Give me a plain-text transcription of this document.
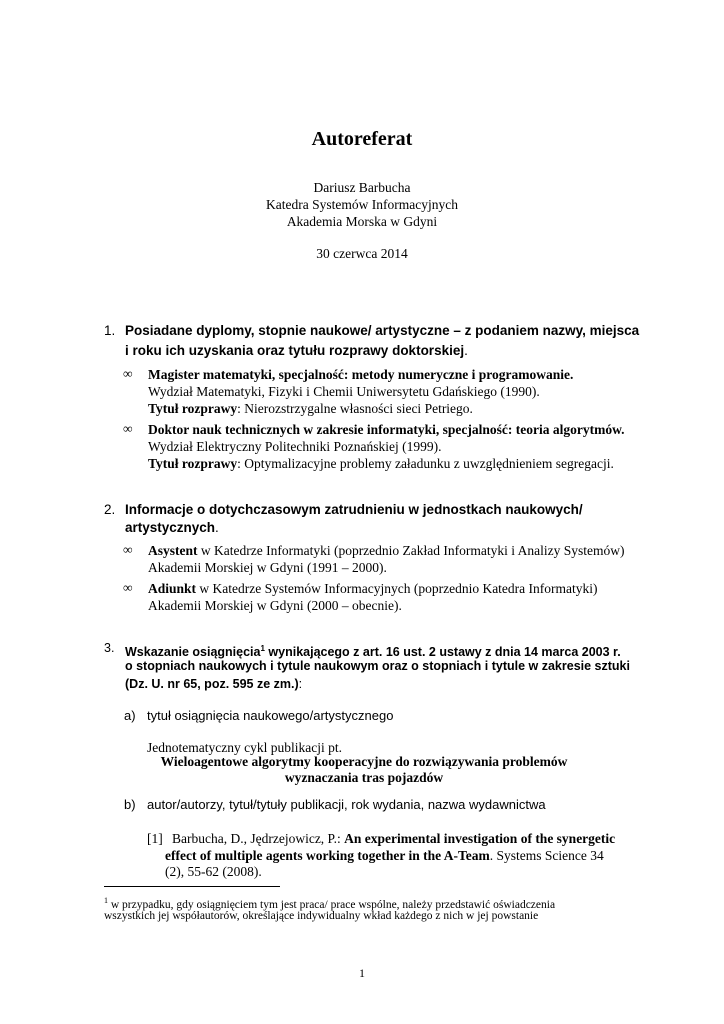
Autoreferat
Dariusz Barbucha
Katedra Systemów Informacyjnych
Akademia Morska w Gdyni
30 czerwca 2014
1. Posiadane dyplomy, stopnie naukowe/ artystyczne – z podaniem nazwy, miejsca
i roku ich uzyskania oraz tytułu rozprawy doktorskiej.
∞ Magister matematyki, specjalność: metody numeryczne i programowanie.
Wydział Matematyki, Fizyki i Chemii Uniwersytetu Gdańskiego (1990).
Tytuł rozprawy: Nierozstrzygalne własności sieci Petriego.
∞ Doktor nauk technicznych w zakresie informatyki, specjalność: teoria algorytmów.
Wydział Elektryczny Politechniki Poznańskiej (1999).
Tytuł rozprawy: Optymalizacyjne problemy załadunku z uwzględnieniem segregacji.
2. Informacje o dotychczasowym zatrudnieniu w jednostkach naukowych/
artystycznych.
∞ Asystent w Katedrze Informatyki (poprzednio Zakład Informatyki i Analizy Systemów)
Akademii Morskiej w Gdyni (1991 – 2000).
∞ Adiunkt w Katedrze Systemów Informacyjnych (poprzednio Katedra Informatyki)
Akademii Morskiej w Gdyni (2000 – obecnie).
3. Wskazanie osiągnięcia$^1$ wynikającego z art. 16 ust. 2 ustawy z dnia 14 marca 2003 r.
o stopniach naukowych i tytule naukowym oraz o stopniach i tytule w zakresie sztuki
(Dz. U. nr 65, poz. 595 ze zm.):
a) tytuł osiągnięcia naukowego/artystycznego
Jednotematyczny cykl publikacji pt.
Wieloagentowe algorytmy kooperacyjne do rozwiązywania problemów
wyznaczania tras pojazdów
b) autor/autorzy, tytuł/tytuły publikacji, rok wydania, nazwa wydawnictwa
[1] Barbucha, D., Jędrzejowicz, P.: An experimental investigation of the synergetic
effect of multiple agents working together in the A-Team. Systems Science 34
(2), 55-62 (2008).
$^1$ w przypadku, gdy osiągnięciem tym jest praca/ prace wspólne, należy przedstawić oświadczenia
wszystkich jej współautorów, określające indywidualny wkład każdego z nich w jej powstanie
1
